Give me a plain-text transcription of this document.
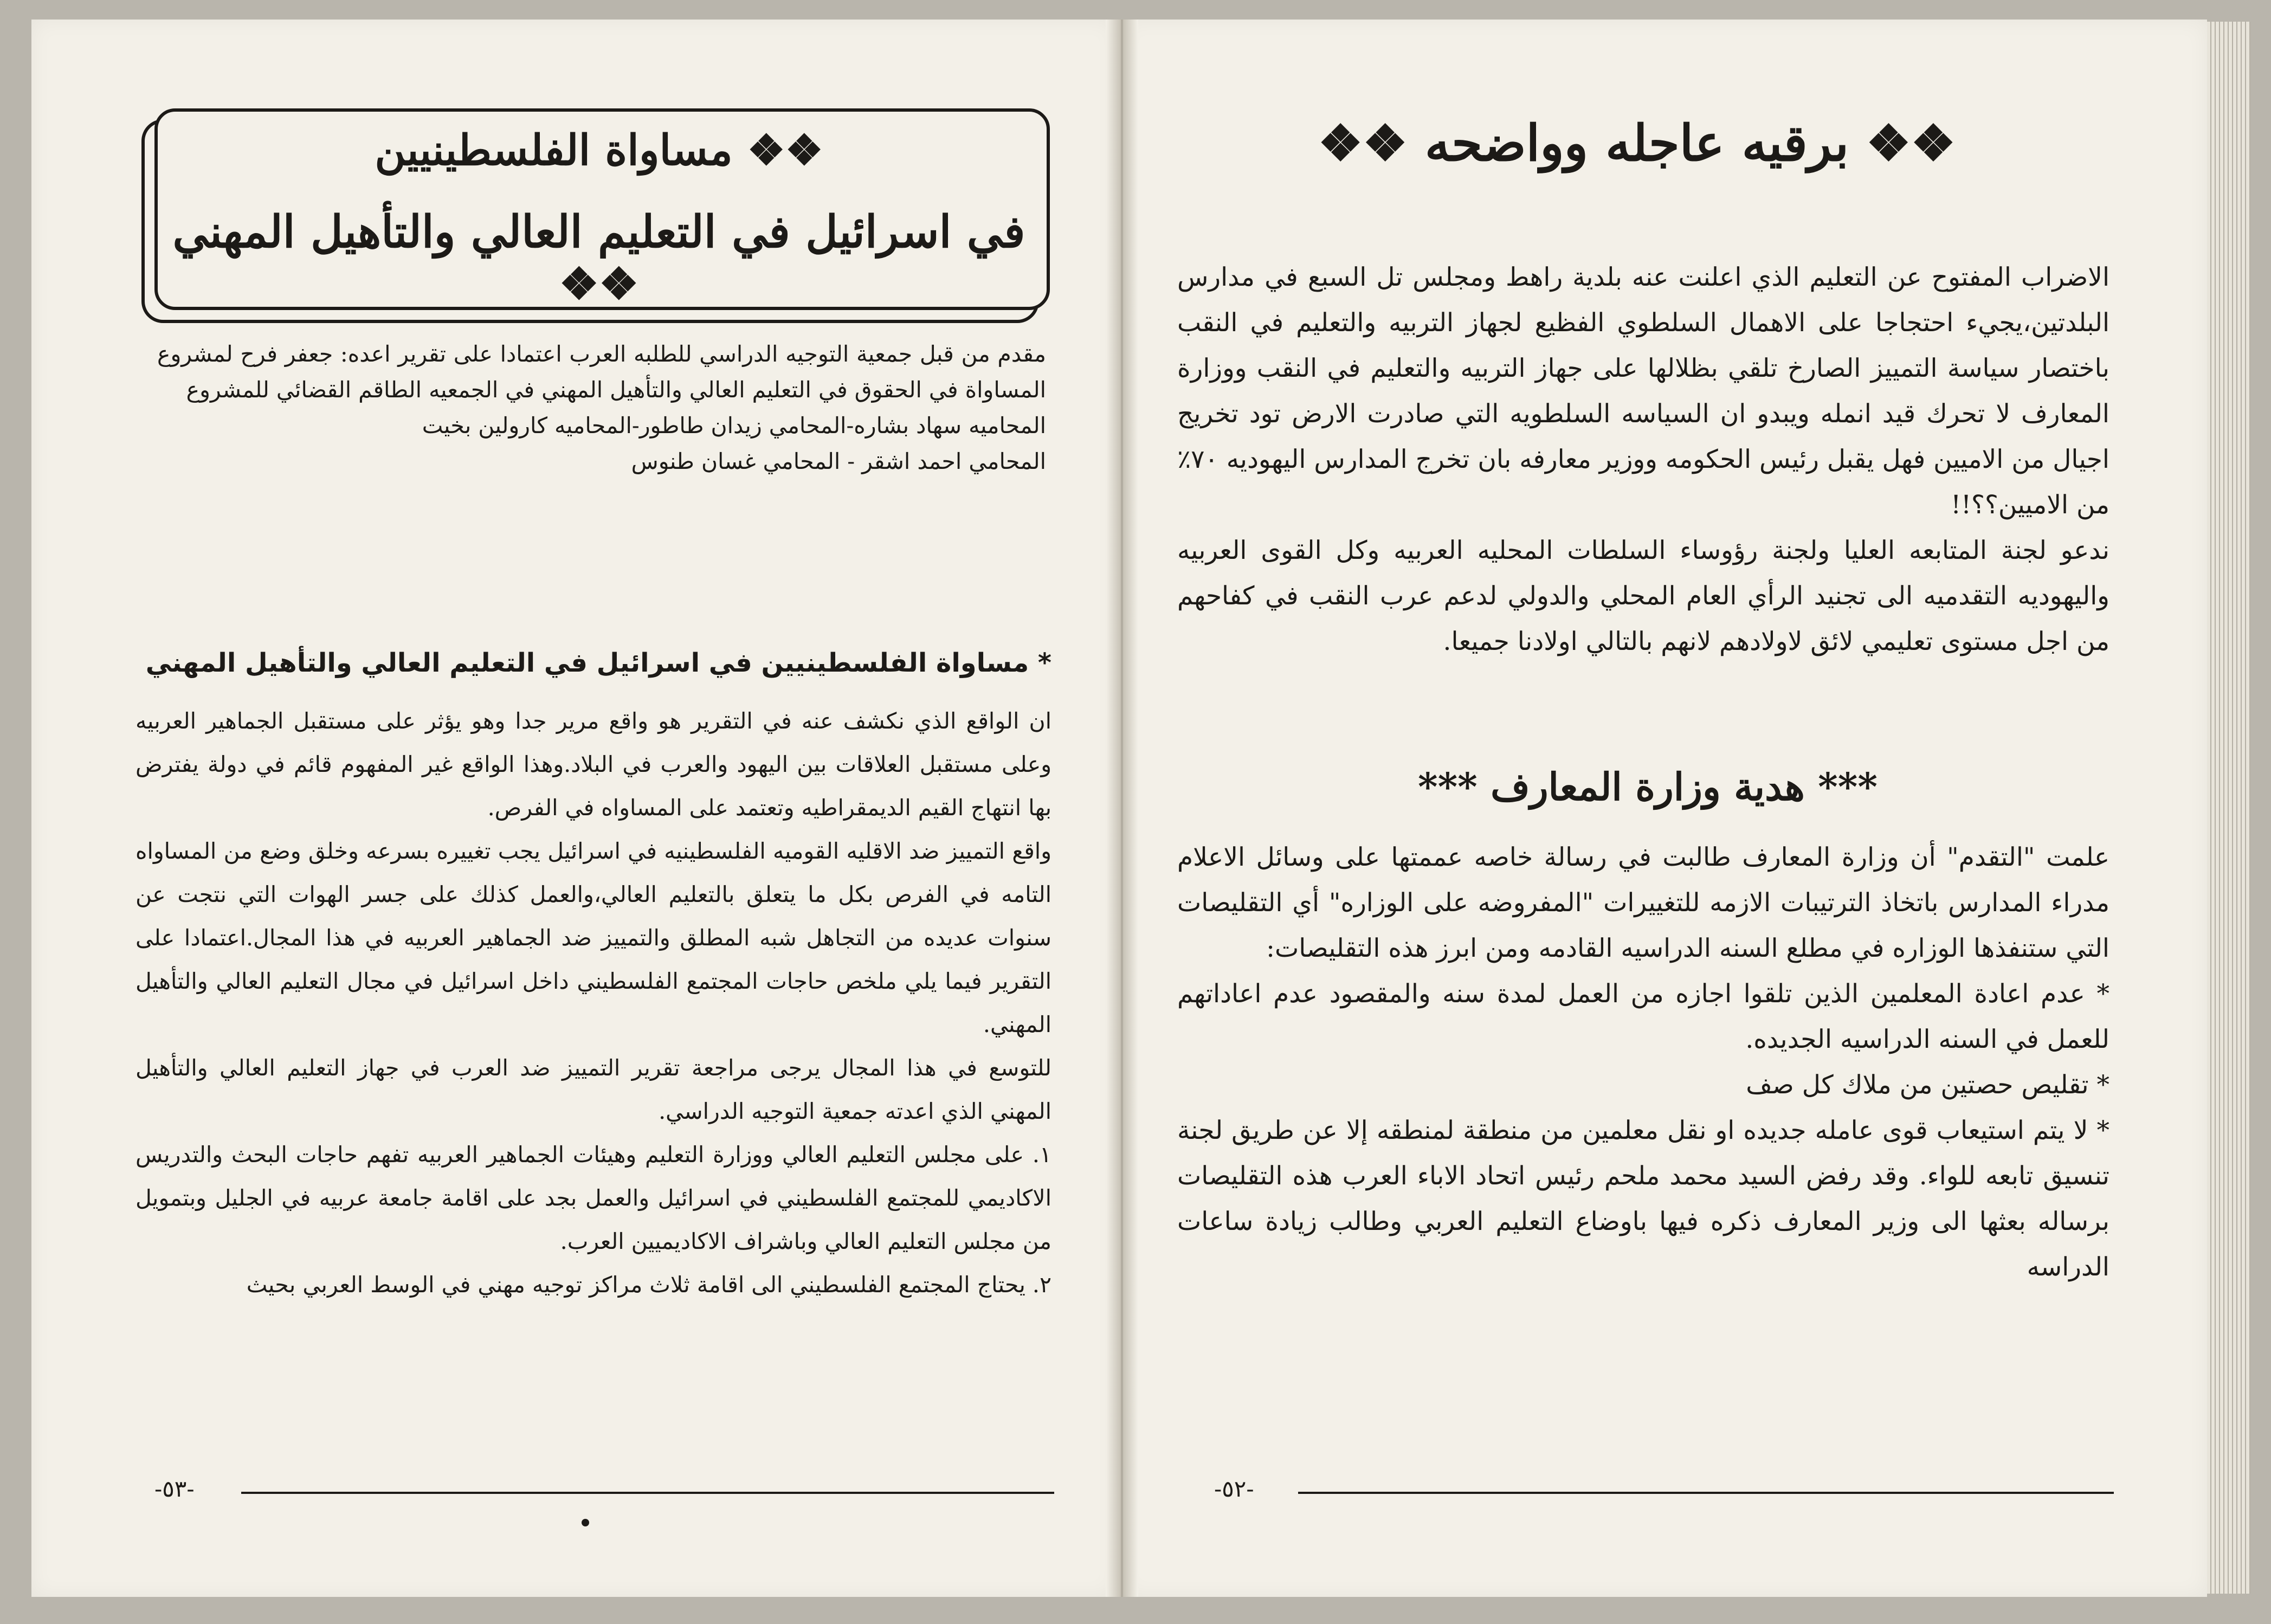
❖❖ برقيه عاجله وواضحه ❖❖

الاضراب المفتوح عن التعليم الذي اعلنت عنه بلدية راهط ومجلس تل السبع في مدارس البلدتين،يجيء احتجاجا على الاهمال السلطوي الفظيع لجهاز التربيه والتعليم في النقب باختصار سياسة التمييز الصارخ تلقي بظلالها على جهاز التربيه والتعليم في النقب ووزارة المعارف لا تحرك قيد انمله ويبدو ان السياسه السلطويه التي صادرت الارض تود تخريج اجيال من الاميين فهل يقبل رئيس الحكومه ووزير معارفه بان تخرج المدارس اليهوديه ٧٠٪ من الاميين؟؟!!

ندعو لجنة المتابعه العليا ولجنة رؤوساء السلطات المحليه العربيه وكل القوى العربيه واليهوديه التقدميه الى تجنيد الرأي العام المحلي والدولي لدعم عرب النقب في كفاحهم من اجل مستوى تعليمي لائق لاولادهم لانهم بالتالي اولادنا جميعا.

*** هدية وزارة المعارف ***

علمت "التقدم" أن وزارة المعارف طالبت في رسالة خاصه عممتها على وسائل الاعلام مدراء المدارس باتخاذ الترتيبات الازمه للتغييرات "المفروضه على الوزاره" أي التقليصات التي ستنفذها الوزاره في مطلع السنه الدراسيه القادمه ومن ابرز هذه التقليصات:

* عدم اعادة المعلمين الذين تلقوا اجازه من العمل لمدة سنه والمقصود عدم اعاداتهم للعمل في السنه الدراسيه الجديده.

* تقليص حصتين من ملاك كل صف

* لا يتم استيعاب قوى عامله جديده او نقل معلمين من منطقة لمنطقه إلا عن طريق لجنة تنسيق تابعه للواء. وقد رفض السيد محمد ملحم رئيس اتحاد الاباء العرب هذه التقليصات برساله بعثها الى وزير المعارف ذكره فيها باوضاع التعليم العربي وطالب زيادة ساعات الدراسه

-٥٢-
❖❖ مساواة الفلسطينيين
في اسرائيل في التعليم العالي والتأهيل المهني ❖❖

مقدم من قبل جمعية التوجيه الدراسي للطلبه العرب اعتمادا على تقرير اعده: جعفر فرح لمشروع المساواة في الحقوق في التعليم العالي والتأهيل المهني في الجمعيه الطاقم القضائي للمشروع

المحاميه سهاد بشاره-المحامي زيدان طاطور-المحاميه كارولين بخيت

المحامي احمد اشقر - المحامي غسان طنوس

* مساواة الفلسطينيين في اسرائيل في التعليم العالي والتأهيل المهني

ان الواقع الذي نكشف عنه في التقرير هو واقع مرير جدا وهو يؤثر على مستقبل الجماهير العربيه وعلى مستقبل العلاقات بين اليهود والعرب في البلاد.وهذا الواقع غير المفهوم قائم في دولة يفترض بها انتهاج القيم الديمقراطيه وتعتمد على المساواه في الفرص.

واقع التمييز ضد الاقليه القوميه الفلسطينيه في اسرائيل يجب تغييره بسرعه وخلق وضع من المساواه التامه في الفرص بكل ما يتعلق بالتعليم العالي،والعمل كذلك على جسر الهوات التي نتجت عن سنوات عديده من التجاهل شبه المطلق والتمييز ضد الجماهير العربيه في هذا المجال.اعتمادا على التقرير فيما يلي ملخص حاجات المجتمع الفلسطيني داخل اسرائيل في مجال التعليم العالي والتأهيل المهني.

للتوسع في هذا المجال يرجى مراجعة تقرير التمييز ضد العرب في جهاز التعليم العالي والتأهيل المهني الذي اعدته جمعية التوجيه الدراسي.

١. على مجلس التعليم العالي ووزارة التعليم وهيئات الجماهير العربيه تفهم حاجات البحث والتدريس الاكاديمي للمجتمع الفلسطيني في اسرائيل والعمل بجد على اقامة جامعة عربيه في الجليل وبتمويل من مجلس التعليم العالي وباشراف الاكاديميين العرب.

٢. يحتاج المجتمع الفلسطيني الى اقامة ثلاث مراكز توجيه مهني في الوسط العربي بحيث

-٥٣-
